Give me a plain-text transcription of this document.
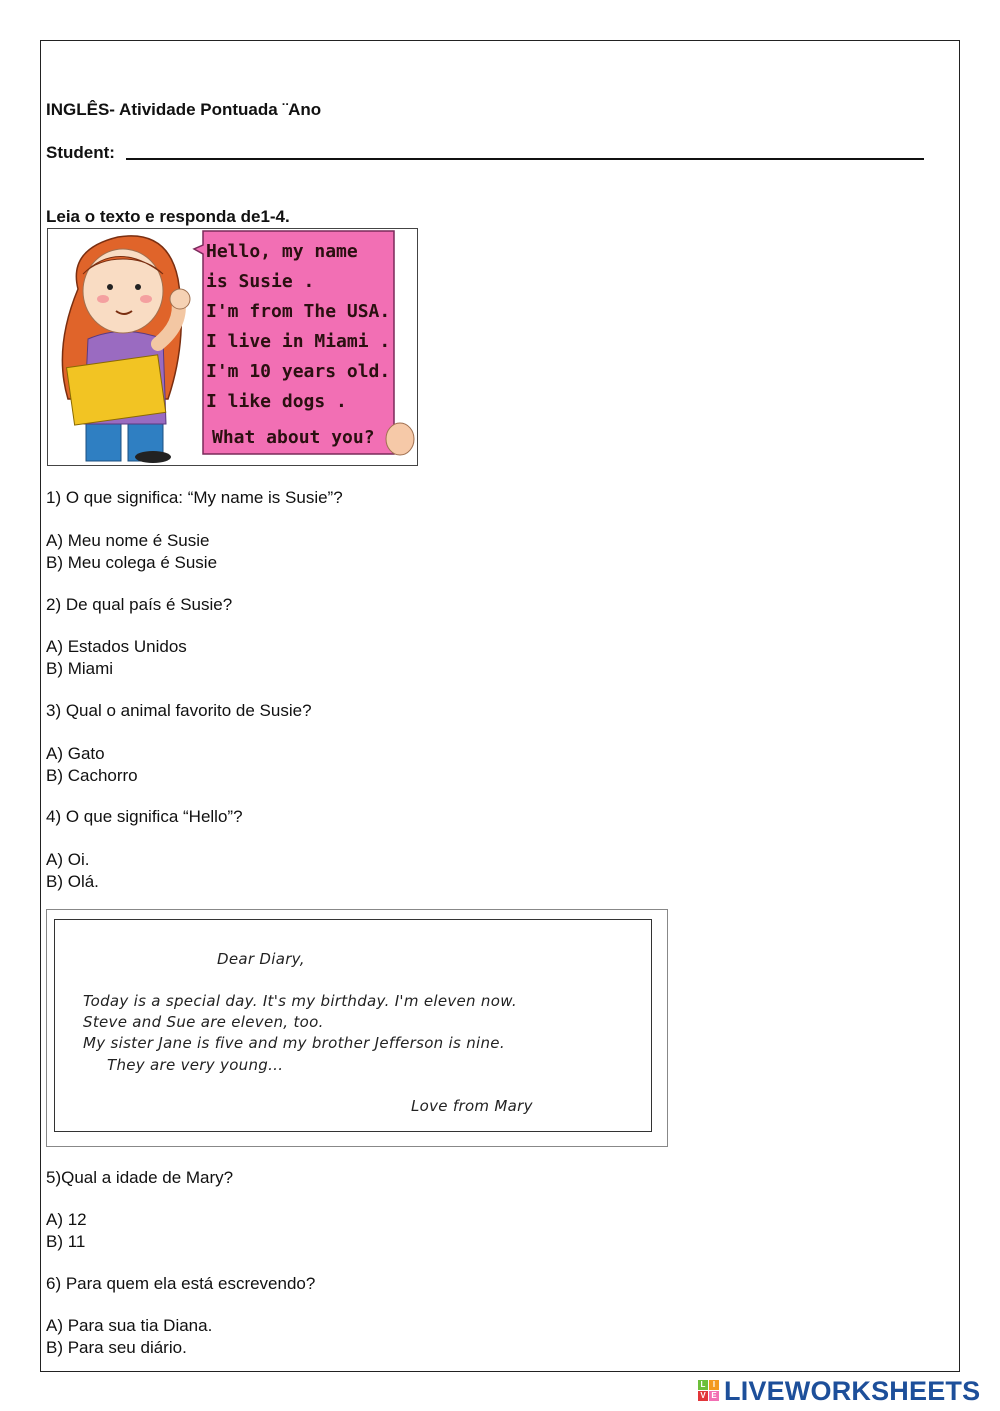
INGLÊS- Atividade Pontuada ¨Ano
Student:
Leia o texto e responda de1-4.
Hello, my name
is Susie .
I'm from The USA.
I live in Miami .
I'm 10 years old.
I like dogs .
What about you?
1) O que significa: “My name is Susie”?
A) Meu nome é Susie
B) Meu colega é Susie
2) De qual país é Susie?
A) Estados Unidos
B) Miami
3) Qual o animal favorito de Susie?
A) Gato
B) Cachorro
4) O que significa “Hello”?
A) Oi.
B) Olá.
Dear Diary,
Today is a special day. It's my birthday. I'm eleven now.
Steve and Sue are eleven, too.
My sister Jane is five and my brother Jefferson is nine.
They are very young...
Love from Mary
5)Qual a idade de Mary?
A) 12
B) 11
6) Para quem ela está escrevendo?
A) Para sua tia Diana.
B) Para seu diário.
L I
V E LIVEWORKSHEETS
